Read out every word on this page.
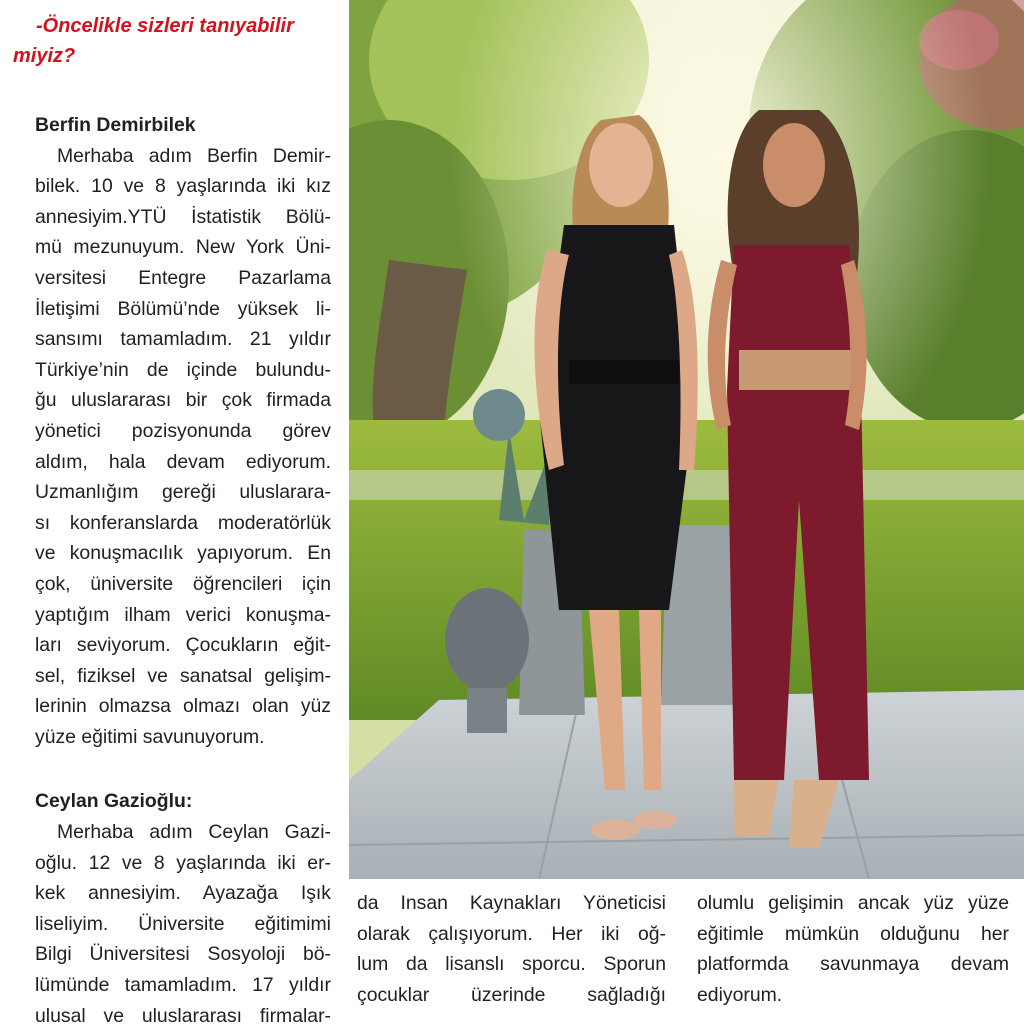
-Öncelikle sizleri tanıyabilir
miyiz?
Berfin Demirbilek

Merhaba adım Berfin Demir-
bilek. 10 ve 8 yaşlarında iki kız
annesiyim.YTÜ İstatistik Bölü-
mü mezunuyum. New York Üni-
versitesi Entegre Pazarlama
İletişimi Bölümü’nde yüksek li-
sansımı tamamladım. 21 yıldır
Türkiye’nin de içinde bulundu-
ğu uluslararası bir çok firmada
yönetici pozisyonunda görev
aldım, hala devam ediyorum.
Uzmanlığım gereği uluslarara-
sı konferanslarda moderatörlük
ve konuşmacılık yapıyorum. En
çok, üniversite öğrencileri için
yaptığım ilham verici konuşma-
ları seviyorum. Çocukların eğit-
sel, fiziksel ve sanatsal gelişim-
lerinin olmazsa olmazı olan yüz
yüze eğitimi savunuyorum.

Ceylan Gazioğlu:

Merhaba adım Ceylan Gazi-
oğlu. 12 ve 8 yaşlarında iki er-
kek annesiyim. Ayazağa Işık
liseliyim. Üniversite eğitimimi
Bilgi Üniversitesi Sosyoloji bö-
lümünde tamamladım. 17 yıldır
ulusal ve uluslararası firmalar-

da Insan Kaynakları Yöneticisi
olarak çalışıyorum. Her iki oğ-
lum da lisanslı sporcu. Sporun
çocuklar üzerinde sağladığı
olumlu gelişimin ancak yüz yüze
eğitimle mümkün olduğunu her
platformda savunmaya devam
ediyorum.
